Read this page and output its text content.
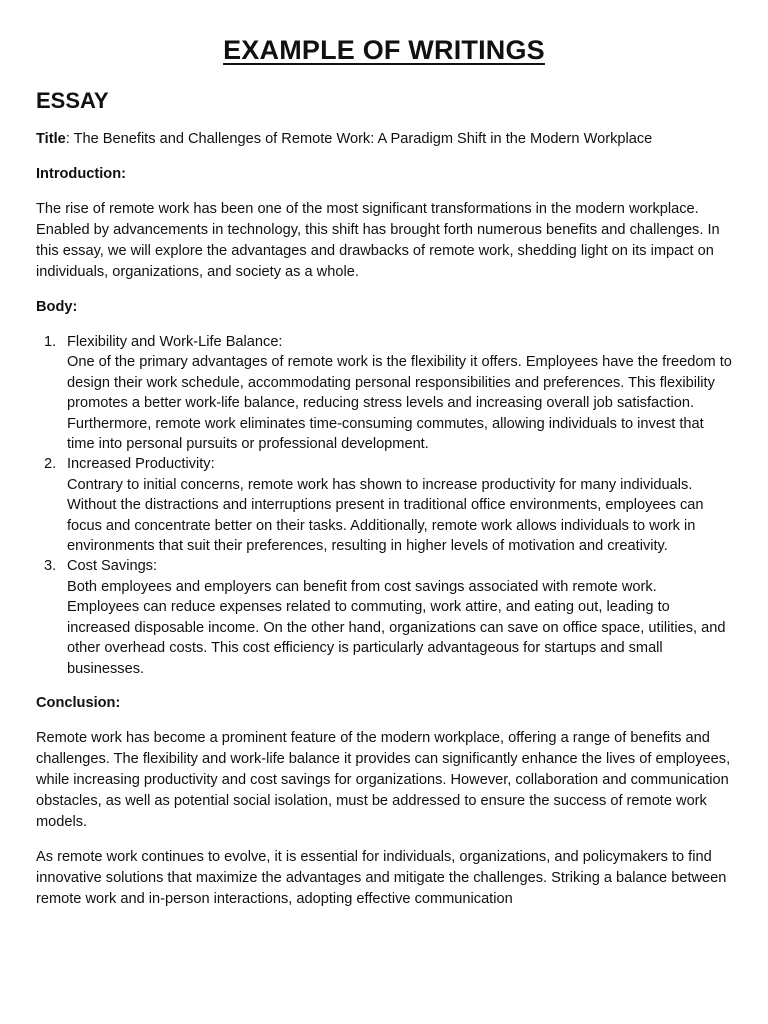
EXAMPLE OF WRITINGS
ESSAY

Title: The Benefits and Challenges of Remote Work: A Paradigm Shift in the Modern Workplace

Introduction:

The rise of remote work has been one of the most significant transformations in the modern workplace. Enabled by advancements in technology, this shift has brought forth numerous benefits and challenges. In this essay, we will explore the advantages and drawbacks of remote work, shedding light on its impact on individuals, organizations, and society as a whole.

Body:

1. Flexibility and Work-Life Balance:
One of the primary advantages of remote work is the flexibility it offers. Employees have the freedom to design their work schedule, accommodating personal responsibilities and preferences. This flexibility promotes a better work-life balance, reducing stress levels and increasing overall job satisfaction. Furthermore, remote work eliminates time-consuming commutes, allowing individuals to invest that time into personal pursuits or professional development.
2. Increased Productivity:
Contrary to initial concerns, remote work has shown to increase productivity for many individuals. Without the distractions and interruptions present in traditional office environments, employees can focus and concentrate better on their tasks. Additionally, remote work allows individuals to work in environments that suit their preferences, resulting in higher levels of motivation and creativity.
3. Cost Savings:
Both employees and employers can benefit from cost savings associated with remote work. Employees can reduce expenses related to commuting, work attire, and eating out, leading to increased disposable income. On the other hand, organizations can save on office space, utilities, and other overhead costs. This cost efficiency is particularly advantageous for startups and small businesses.

Conclusion:

Remote work has become a prominent feature of the modern workplace, offering a range of benefits and challenges. The flexibility and work-life balance it provides can significantly enhance the lives of employees, while increasing productivity and cost savings for organizations. However, collaboration and communication obstacles, as well as potential social isolation, must be addressed to ensure the success of remote work models.

As remote work continues to evolve, it is essential for individuals, organizations, and policymakers to find innovative solutions that maximize the advantages and mitigate the challenges. Striking a balance between remote work and in-person interactions, adopting effective communication
